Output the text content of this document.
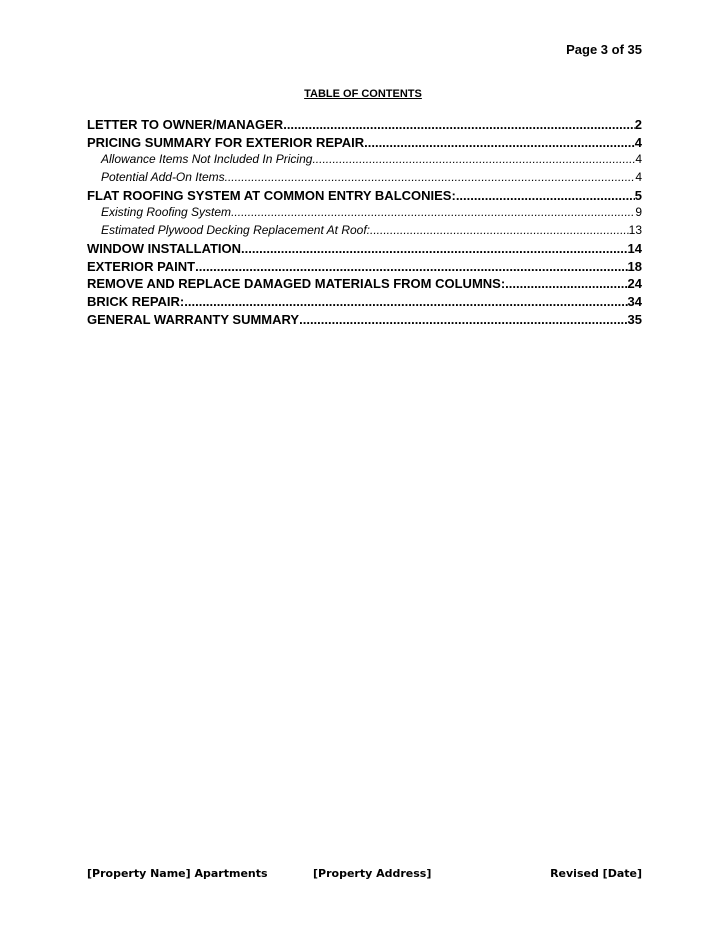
Page 3 of 35
TABLE OF CONTENTS
LETTER TO OWNER/MANAGER .....	2
PRICING SUMMARY FOR EXTERIOR REPAIR .....	4
Allowance Items Not Included In Pricing .....	4
Potential Add-On Items .....	4
FLAT ROOFING SYSTEM AT COMMON ENTRY BALCONIES: .....	5
Existing Roofing System .....	9
Estimated Plywood Decking Replacement At Roof: .....	13
WINDOW INSTALLATION .....	14
EXTERIOR PAINT .....	18
REMOVE AND REPLACE DAMAGED MATERIALS FROM COLUMNS: .....	24
BRICK REPAIR: .....	34
GENERAL WARRANTY SUMMARY .....	35
[Property Name] Apartments	[Property Address]	Revised [Date]
